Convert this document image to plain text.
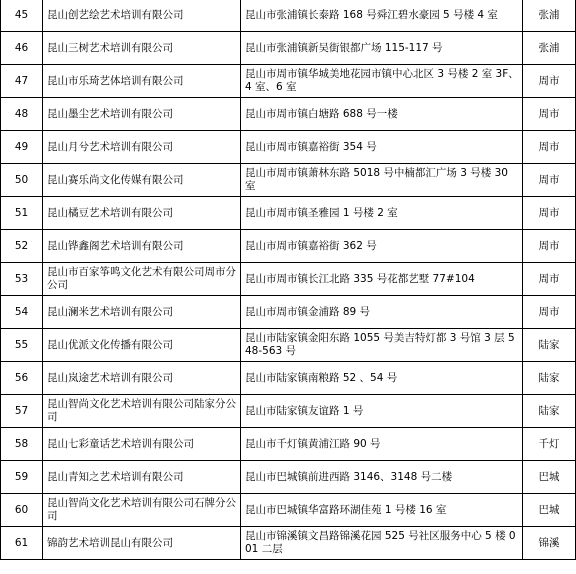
45	昆山创艺绘艺术培训有限公司	昆山市张浦镇长泰路 168 号舜江碧水豪园 5 号楼 4 室	张浦
46	昆山三树艺术培训有限公司	昆山市张浦镇新吴街银都广场 115-117 号	张浦
47	昆山市乐琦艺体培训有限公司	昆山市周市镇华城美地花园市镇中心北区 3 号楼 2 室 3F、4 室、6 室	周市
48	昆山墨尘艺术培训有限公司	昆山市周市镇白塘路 688 号一楼	周市
49	昆山月兮艺术培训有限公司	昆山市周市镇嘉裕街 354 号	周市
50	昆山赛乐尚文化传媒有限公司	昆山市周市镇萧林东路 5018 号中楠都汇广场 3 号楼 30 室	周市
51	昆山橘豆艺术培训有限公司	昆山市周市镇圣雅园 1 号楼 2 室	周市
52	昆山铧鑫阁艺术培训有限公司	昆山市周市镇嘉裕街 362 号	周市
53	昆山市百家筝鸣文化艺术有限公司周市分公司	昆山市周市镇长江北路 335 号花都艺墅 77#104	周市
54	昆山澜米艺术培训有限公司	昆山市周市镇金浦路 89 号	周市
55	昆山优派文化传播有限公司	昆山市陆家镇金阳东路 1055 号美吉特灯都 3 号馆 3 层 548-563 号	陆家
56	昆山岚途艺术培训有限公司	昆山市陆家镇南粮路 52 、54 号	陆家
57	昆山智尚文化艺术培训有限公司陆家分公司	昆山市陆家镇友谊路 1 号	陆家
58	昆山七彩童话艺术培训有限公司	昆山市千灯镇黄浦江路 90 号	千灯
59	昆山青知之艺术培训有限公司	昆山市巴城镇前进西路 3146、3148 号二楼	巴城
60	昆山智尚文化艺术培训有限公司石牌分公司	昆山市巴城镇华富路环湖佳苑 1 号楼 16 室	巴城
61	锦韵艺术培训昆山有限公司	昆山市锦溪镇文昌路锦溪花园 525 号社区服务中心 5 楼 001 二层	锦溪
